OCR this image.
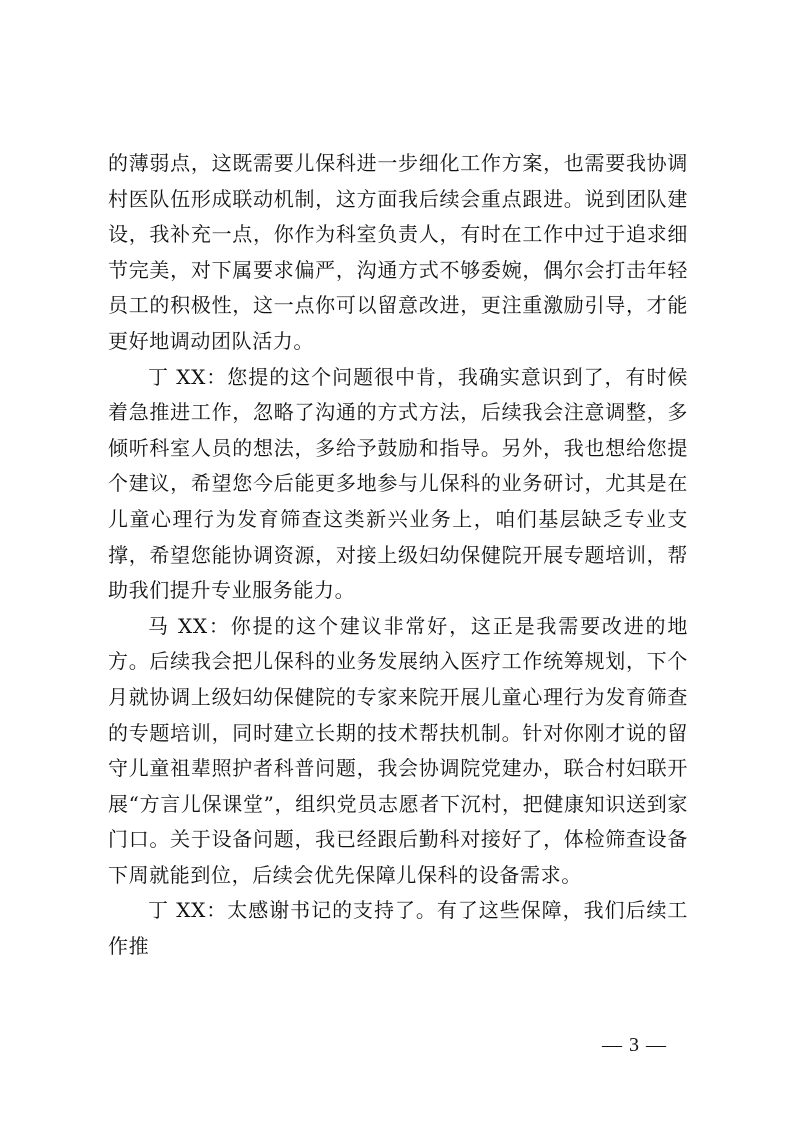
的薄弱点，这既需要儿保科进一步细化工作方案，也需要我协调村医队伍形成联动机制，这方面我后续会重点跟进。说到团队建设，我补充一点，你作为科室负责人，有时在工作中过于追求细节完美，对下属要求偏严，沟通方式不够委婉，偶尔会打击年轻员工的积极性，这一点你可以留意改进，更注重激励引导，才能更好地调动团队活力。

丁 XX：您提的这个问题很中肯，我确实意识到了，有时候着急推进工作，忽略了沟通的方式方法，后续我会注意调整，多倾听科室人员的想法，多给予鼓励和指导。另外，我也想给您提个建议，希望您今后能更多地参与儿保科的业务研讨，尤其是在儿童心理行为发育筛查这类新兴业务上，咱们基层缺乏专业支撑，希望您能协调资源，对接上级妇幼保健院开展专题培训，帮助我们提升专业服务能力。

马 XX：你提的这个建议非常好，这正是我需要改进的地方。后续我会把儿保科的业务发展纳入医疗工作统筹规划，下个月就协调上级妇幼保健院的专家来院开展儿童心理行为发育筛查的专题培训，同时建立长期的技术帮扶机制。针对你刚才说的留守儿童祖辈照护者科普问题，我会协调院党建办，联合村妇联开展“方言儿保课堂”，组织党员志愿者下沉村，把健康知识送到家门口。关于设备问题，我已经跟后勤科对接好了，体检筛查设备下周就能到位，后续会优先保障儿保科的设备需求。

丁 XX：太感谢书记的支持了。有了这些保障，我们后续工作推

— 3 —
